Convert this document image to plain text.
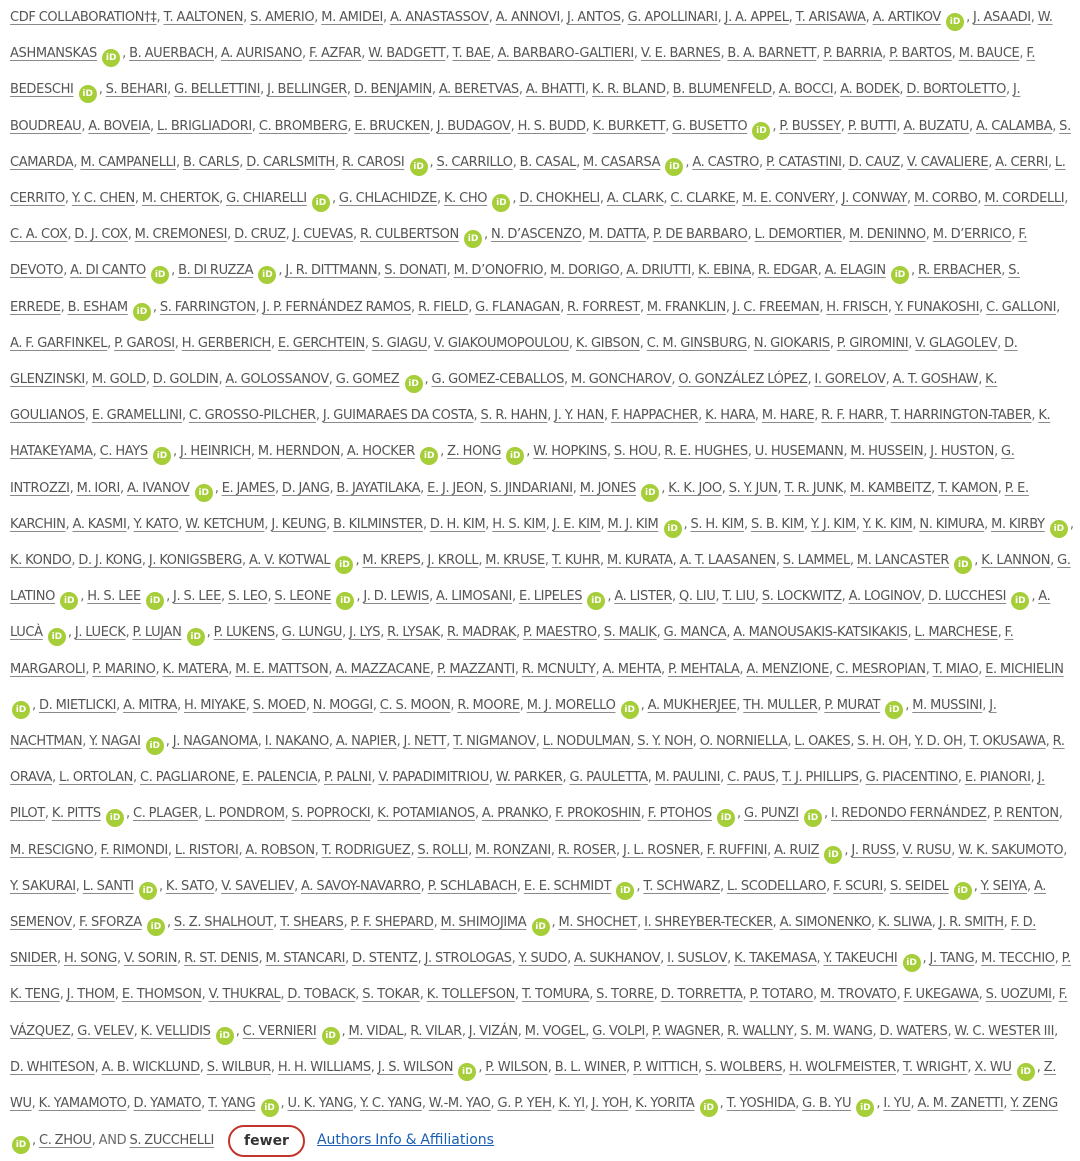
CDF COLLABORATION†‡, T. AALTONEN, S. AMERIO, M. AMIDEI, A. ANASTASSOV, A. ANNOVI, J. ANTOS, G. APOLLINARI, J. A. APPEL, T. ARISAWA, A. ARTIKOV iD , J. ASAADI, W. ASHMANSKAS iD , B. AUERBACH, A. AURISANO, F. AZFAR, W. BADGETT, T. BAE, A. BARBARO-GALTIERI, V. E. BARNES, B. A. BARNETT, P. BARRIA, P. BARTOS, M. BAUCE, F. BEDESCHI iD , S. BEHARI, G. BELLETTINI, J. BELLINGER, D. BENJAMIN, A. BERETVAS, A. BHATTI, K. R. BLAND, B. BLUMENFELD, A. BOCCI, A. BODEK, D. BORTOLETTO, J. BOUDREAU, A. BOVEIA, L. BRIGLIADORI, C. BROMBERG, E. BRUCKEN, J. BUDAGOV, H. S. BUDD, K. BURKETT, G. BUSETTO iD , P. BUSSEY, P. BUTTI, A. BUZATU, A. CALAMBA, S. CAMARDA, M. CAMPANELLI, B. CARLS, D. CARLSMITH, R. CAROSI iD , S. CARRILLO, B. CASAL, M. CASARSA iD , A. CASTRO, P. CATASTINI, D. CAUZ, V. CAVALIERE, A. CERRI, L. CERRITO, Y. C. CHEN, M. CHERTOK, G. CHIARELLI iD , G. CHLACHIDZE, K. CHO iD , D. CHOKHELI, A. CLARK, C. CLARKE, M. E. CONVERY, J. CONWAY, M. CORBO, M. CORDELLI, C. A. COX, D. J. COX, M. CREMONESI, D. CRUZ, J. CUEVAS, R. CULBERTSON iD , N. D’ASCENZO, M. DATTA, P. DE BARBARO, L. DEMORTIER, M. DENINNO, M. D’ERRICO, F. DEVOTO, A. DI CANTO iD , B. DI RUZZA iD , J. R. DITTMANN, S. DONATI, M. D’ONOFRIO, M. DORIGO, A. DRIUTTI, K. EBINA, R. EDGAR, A. ELAGIN iD , R. ERBACHER, S. ERREDE, B. ESHAM iD , S. FARRINGTON, J. P. FERNÁNDEZ RAMOS, R. FIELD, G. FLANAGAN, R. FORREST, M. FRANKLIN, J. C. FREEMAN, H. FRISCH, Y. FUNAKOSHI, C. GALLONI, A. F. GARFINKEL, P. GAROSI, H. GERBERICH, E. GERCHTEIN, S. GIAGU, V. GIAKOUMOPOULOU, K. GIBSON, C. M. GINSBURG, N. GIOKARIS, P. GIROMINI, V. GLAGOLEV, D. GLENZINSKI, M. GOLD, D. GOLDIN, A. GOLOSSANOV, G. GOMEZ iD , G. GOMEZ-CEBALLOS, M. GONCHAROV, O. GONZÁLEZ LÓPEZ, I. GORELOV, A. T. GOSHAW, K. GOULIANOS, E. GRAMELLINI, C. GROSSO-PILCHER, J. GUIMARAES DA COSTA, S. R. HAHN, J. Y. HAN, F. HAPPACHER, K. HARA, M. HARE, R. F. HARR, T. HARRINGTON-TABER, K. HATAKEYAMA, C. HAYS iD , J. HEINRICH, M. HERNDON, A. HOCKER iD , Z. HONG iD , W. HOPKINS, S. HOU, R. E. HUGHES, U. HUSEMANN, M. HUSSEIN, J. HUSTON, G. INTROZZI, M. IORI, A. IVANOV iD , E. JAMES, D. JANG, B. JAYATILAKA, E. J. JEON, S. JINDARIANI, M. JONES iD , K. K. JOO, S. Y. JUN, T. R. JUNK, M. KAMBEITZ, T. KAMON, P. E. KARCHIN, A. KASMI, Y. KATO, W. KETCHUM, J. KEUNG, B. KILMINSTER, D. H. KIM, H. S. KIM, J. E. KIM, M. J. KIM iD , S. H. KIM, S. B. KIM, Y. J. KIM, Y. K. KIM, N. KIMURA, M. KIRBY iD , K. KONDO, D. J. KONG, J. KONIGSBERG, A. V. KOTWAL iD , M. KREPS, J. KROLL, M. KRUSE, T. KUHR, M. KURATA, A. T. LAASANEN, S. LAMMEL, M. LANCASTER iD , K. LANNON, G. LATINO iD , H. S. LEE iD , J. S. LEE, S. LEO, S. LEONE iD , J. D. LEWIS, A. LIMOSANI, E. LIPELES iD , A. LISTER, Q. LIU, T. LIU, S. LOCKWITZ, A. LOGINOV, D. LUCCHESI iD , A. LUCÀ iD , J. LUECK, P. LUJAN iD , P. LUKENS, G. LUNGU, J. LYS, R. LYSAK, R. MADRAK, P. MAESTRO, S. MALIK, G. MANCA, A. MANOUSAKIS-KATSIKAKIS, L. MARCHESE, F. MARGAROLI, P. MARINO, K. MATERA, M. E. MATTSON, A. MAZZACANE, P. MAZZANTI, R. MCNULTY, A. MEHTA, P. MEHTALA, A. MENZIONE, C. MESROPIAN, T. MIAO, E. MICHIELIN iD , D. MIETLICKI, A. MITRA, H. MIYAKE, S. MOED, N. MOGGI, C. S. MOON, R. MOORE, M. J. MORELLO iD , A. MUKHERJEE, TH. MULLER, P. MURAT iD , M. MUSSINI, J. NACHTMAN, Y. NAGAI iD , J. NAGANOMA, I. NAKANO, A. NAPIER, J. NETT, T. NIGMANOV, L. NODULMAN, S. Y. NOH, O. NORNIELLA, L. OAKES, S. H. OH, Y. D. OH, T. OKUSAWA, R. ORAVA, L. ORTOLAN, C. PAGLIARONE, E. PALENCIA, P. PALNI, V. PAPADIMITRIOU, W. PARKER, G. PAULETTA, M. PAULINI, C. PAUS, T. J. PHILLIPS, G. PIACENTINO, E. PIANORI, J. PILOT, K. PITTS iD , C. PLAGER, L. PONDROM, S. POPROCKI, K. POTAMIANOS, A. PRANKO, F. PROKOSHIN, F. PTOHOS iD , G. PUNZI iD , I. REDONDO FERNÁNDEZ, P. RENTON, M. RESCIGNO, F. RIMONDI, L. RISTORI, A. ROBSON, T. RODRIGUEZ, S. ROLLI, M. RONZANI, R. ROSER, J. L. ROSNER, F. RUFFINI, A. RUIZ iD , J. RUSS, V. RUSU, W. K. SAKUMOTO, Y. SAKURAI, L. SANTI iD , K. SATO, V. SAVELIEV, A. SAVOY-NAVARRO, P. SCHLABACH, E. E. SCHMIDT iD , T. SCHWARZ, L. SCODELLARO, F. SCURI, S. SEIDEL iD , Y. SEIYA, A. SEMENOV, F. SFORZA iD , S. Z. SHALHOUT, T. SHEARS, P. F. SHEPARD, M. SHIMOJIMA iD , M. SHOCHET, I. SHREYBER-TECKER, A. SIMONENKO, K. SLIWA, J. R. SMITH, F. D. SNIDER, H. SONG, V. SORIN, R. ST. DENIS, M. STANCARI, D. STENTZ, J. STROLOGAS, Y. SUDO, A. SUKHANOV, I. SUSLOV, K. TAKEMASA, Y. TAKEUCHI iD , J. TANG, M. TECCHIO, P. K. TENG, J. THOM, E. THOMSON, V. THUKRAL, D. TOBACK, S. TOKAR, K. TOLLEFSON, T. TOMURA, S. TORRE, D. TORRETTA, P. TOTARO, M. TROVATO, F. UKEGAWA, S. UOZUMI, F. VÁZQUEZ, G. VELEV, K. VELLIDIS iD , C. VERNIERI iD , M. VIDAL, R. VILAR, J. VIZÁN, M. VOGEL, G. VOLPI, P. WAGNER, R. WALLNY, S. M. WANG, D. WATERS, W. C. WESTER III, D. WHITESON, A. B. WICKLUND, S. WILBUR, H. H. WILLIAMS, J. S. WILSON iD , P. WILSON, B. L. WINER, P. WITTICH, S. WOLBERS, H. WOLFMEISTER, T. WRIGHT, X. WU iD , Z. WU, K. YAMAMOTO, D. YAMATO, T. YANG iD , U. K. YANG, Y. C. YANG, W.-M. YAO, G. P. YEH, K. YI, J. YOH, K. YORITA iD , T. YOSHIDA, G. B. YU iD , I. YU, A. M. ZANETTI, Y. ZENG iD , C. ZHOU, AND S. ZUCCHELLI fewer Authors Info & Affiliations
